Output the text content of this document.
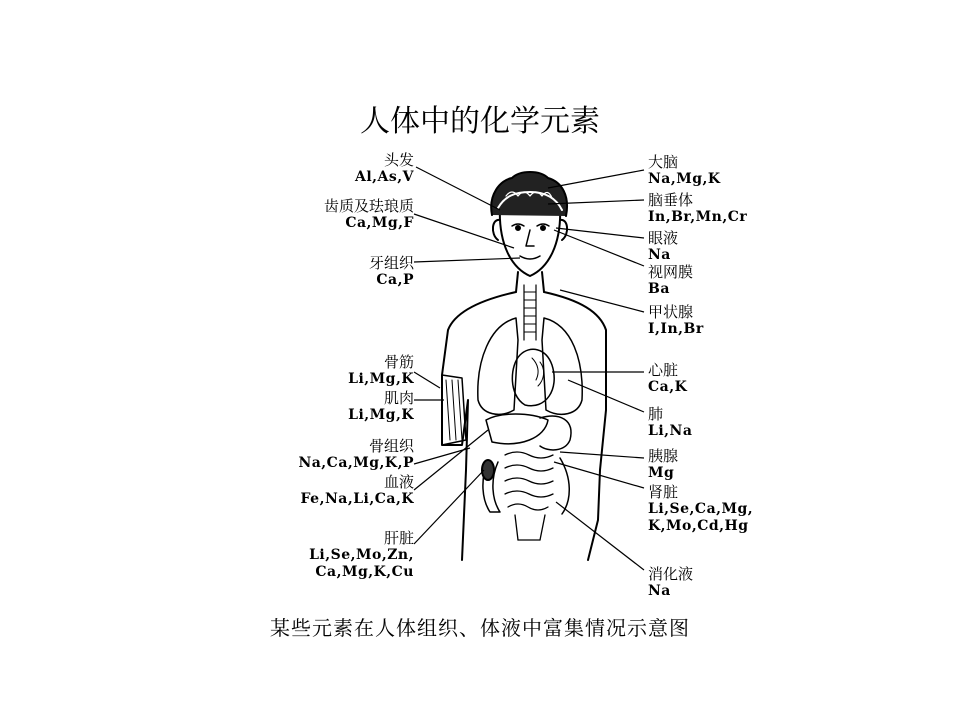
人体中的化学元素
头发
Al,As,V
齿质及珐琅质
Ca,Mg,F
牙组织
Ca,P
骨筋
Li,Mg,K
肌肉
Li,Mg,K
骨组织
Na,Ca,Mg,K,P
血液
Fe,Na,Li,Ca,K
肝脏
Li,Se,Mo,Zn,
Ca,Mg,K,Cu
大脑
Na,Mg,K
脑垂体
In,Br,Mn,Cr
眼液
Na
视网膜
Ba
甲状腺
I,In,Br
心脏
Ca,K
肺
Li,Na
胰腺
Mg
肾脏
Li,Se,Ca,Mg,
K,Mo,Cd,Hg
消化液
Na
某些元素在人体组织、体液中富集情况示意图
